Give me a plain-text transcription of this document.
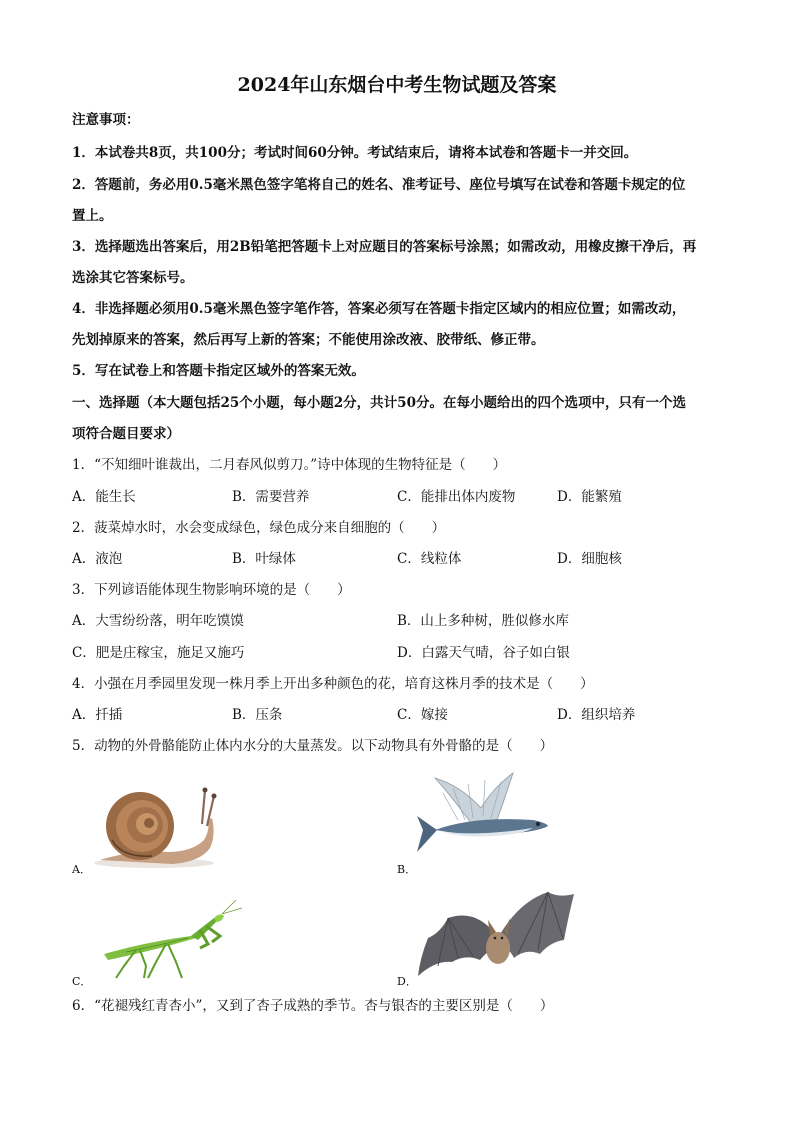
2024年山东烟台中考生物试题及答案
注意事项：
1．本试卷共8页，共100分；考试时间60分钟。考试结束后，请将本试卷和答题卡一并交回。
2．答题前，务必用0.5毫米黑色签字笔将自己的姓名、准考证号、座位号填写在试卷和答题卡规定的位
置上。
3．选择题选出答案后，用2B铅笔把答题卡上对应题目的答案标号涂黑；如需改动，用橡皮擦干净后，再
选涂其它答案标号。
4．非选择题必须用0.5毫米黑色签字笔作答，答案必须写在答题卡指定区域内的相应位置；如需改动，
先划掉原来的答案，然后再写上新的答案；不能使用涂改液、胶带纸、修正带。
5．写在试卷上和答题卡指定区域外的答案无效。
一、选择题（本大题包括25个小题，每小题2分，共计50分。在每小题给出的四个选项中，只有一个选
项符合题目要求）
1．“不知细叶谁裁出，二月春风似剪刀。”诗中体现的生物特征是（　　）
A．能生长	B．需要营养	C．能排出体内废物	D．能繁殖
2．菠菜焯水时，水会变成绿色，绿色成分来自细胞的（　　）
A．液泡	B．叶绿体	C．线粒体	D．细胞核
3．下列谚语能体现生物影响环境的是（　　）
A．大雪纷纷落，明年吃馍馍	B．山上多种树，胜似修水库
C．肥是庄稼宝，施足又施巧	D．白露天气晴，谷子如白银
4．小强在月季园里发现一株月季上开出多种颜色的花，培育这株月季的技术是（　　）
A．扦插	B．压条	C．嫁接	D．组织培养
5．动物的外骨骼能防止体内水分的大量蒸发。以下动物具有外骨骼的是（　　）
A．	B．
C．	D．
6．“花褪残红青杏小”，又到了杏子成熟的季节。杏与银杏的主要区别是（　　）
